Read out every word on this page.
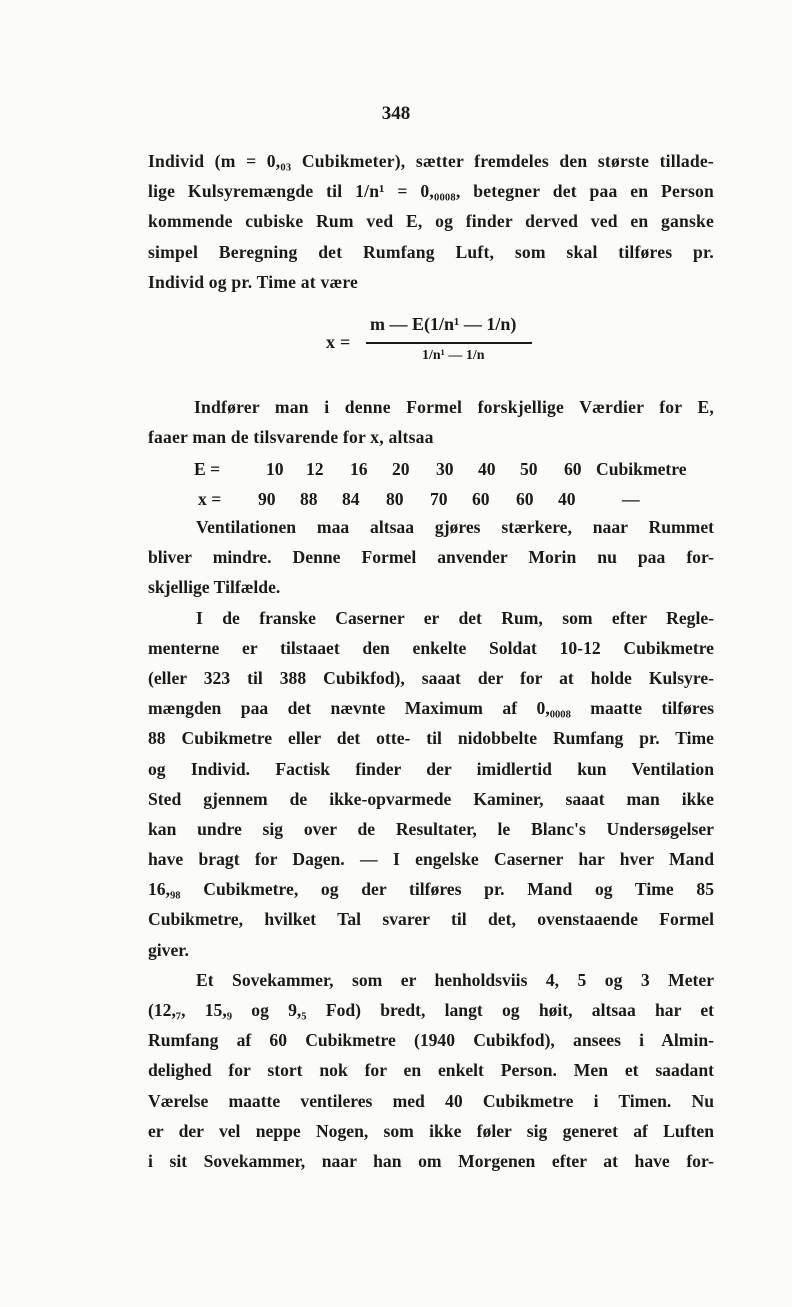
348
Individ (m = 0,₀₃ Cubikmeter), sætter fremdeles den største tillade-
lige Kulsyremængde til 1/n¹ = 0,₀₀₀₈, betegner det paa en Person
kommende cubiske Rum ved E, og finder derved ved en ganske
simpel Beregning det Rumfang Luft, som skal tilføres pr.
Individ og pr. Time at være
x =
m — E(1/n¹ — 1/n)
1/n¹ — 1/n
Indfører man i denne Formel forskjellige Værdier for E,
faaer man de tilsvarende for x, altsaa
E =	10 12 16 20 30 40 50 60 Cubikmetre
x = 90 88 84 80 70 60 60 40	—
Ventilationen maa altsaa gjøres stærkere, naar Rummet
bliver mindre. Denne Formel anvender Morin nu paa for-
skjellige Tilfælde.
I de franske Caserner er det Rum, som efter Regle-
menterne er tilstaaet den enkelte Soldat 10-12 Cubikmetre
(eller 323 til 388 Cubikfod), saaat der for at holde Kulsyre-
mængden paa det nævnte Maximum af 0,₀₀₀₈ maatte tilføres
88 Cubikmetre eller det otte- til nidobbelte Rumfang pr. Time
og Individ. Factisk finder der imidlertid kun Ventilation
Sted gjennem de ikke-opvarmede Kaminer, saaat man ikke
kan undre sig over de Resultater, le Blanc's Undersøgelser
have bragt for Dagen. — I engelske Caserner har hver Mand
16,₉₈ Cubikmetre, og der tilføres pr. Mand og Time 85
Cubikmetre, hvilket Tal svarer til det, ovenstaaende Formel
giver.
Et Sovekammer, som er henholdsviis 4, 5 og 3 Meter
(12,₇, 15,₉ og 9,₅ Fod) bredt, langt og høit, altsaa har et
Rumfang af 60 Cubikmetre (1940 Cubikfod), ansees i Almin-
delighed for stort nok for en enkelt Person. Men et saadant
Værelse maatte ventileres med 40 Cubikmetre i Timen. Nu
er der vel neppe Nogen, som ikke føler sig generet af Luften
i sit Sovekammer, naar han om Morgenen efter at have for-
